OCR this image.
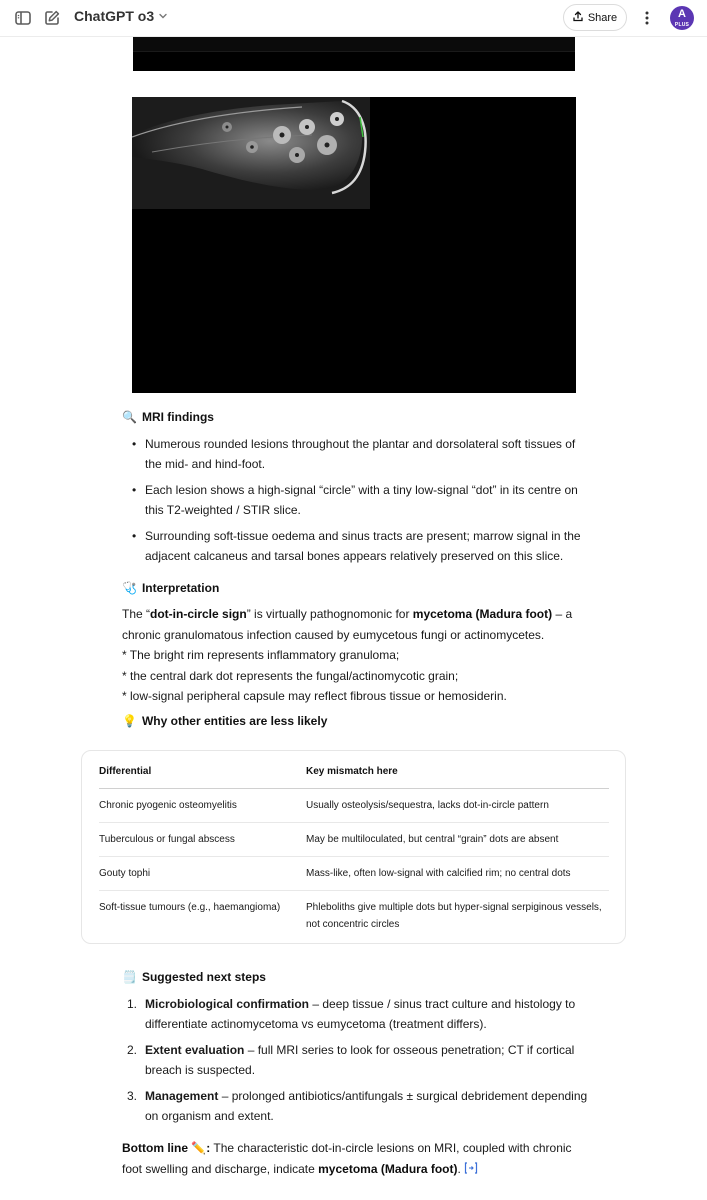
ChatGPT o3	Share	A
PLUS
🔍 MRI findings
• Numerous rounded lesions throughout the plantar and dorsolateral soft tissues of the mid- and hind-foot.
• Each lesion shows a high-signal “circle” with a tiny low-signal “dot” in its centre on this T2-weighted / STIR slice.
• Surrounding soft-tissue oedema and sinus tracts are present; marrow signal in the adjacent calcaneus and tarsal bones appears relatively preserved on this slice.
🩺 Interpretation
The “dot-in-circle sign” is virtually pathognomonic for mycetoma (Madura foot) – a chronic granulomatous infection caused by eumycetous fungi or actinomycetes.
* The bright rim represents inflammatory granuloma;
* the central dark dot represents the fungal/actinomycotic grain;
* low-signal peripheral capsule may reflect fibrous tissue or hemosiderin.
💡 Why other entities are less likely
Differential	Key mismatch here
Chronic pyogenic osteomyelitis	Usually osteolysis/sequestra, lacks dot-in-circle pattern
Tuberculous or fungal abscess	May be multiloculated, but central “grain” dots are absent
Gouty tophi	Mass-like, often low-signal with calcified rim; no central dots
Soft-tissue tumours (e.g., haemangioma)	Phleboliths give multiple dots but hyper-signal serpiginous vessels, not concentric circles
🗒️ Suggested next steps
1. Microbiological confirmation – deep tissue / sinus tract culture and histology to differentiate actinomycetoma vs eumycetoma (treatment differs).
2. Extent evaluation – full MRI series to look for osseous penetration; CT if cortical breach is suspected.
3. Management – prolonged antibiotics/antifungals ± surgical debridement depending on organism and extent.
Bottom line ✏️: The characteristic dot-in-circle lesions on MRI, coupled with chronic foot swelling and discharge, indicate mycetoma (Madura foot).
